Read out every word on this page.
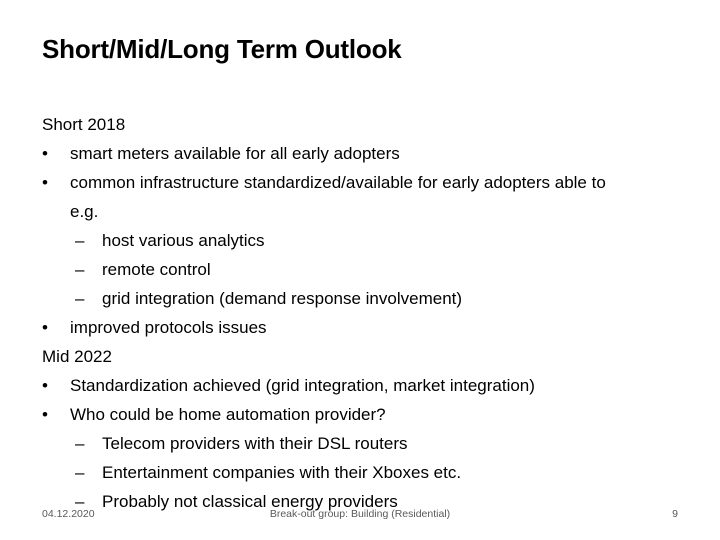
Short/Mid/Long Term Outlook
Short 2018
• smart meters available for all early adopters
• common infrastructure standardized/available for early adopters able to
e.g.
– host various analytics
– remote control
– grid integration (demand response involvement)
• improved protocols issues
Mid 2022
• Standardization achieved (grid integration, market integration)
• Who could be home automation provider?
– Telecom providers with their DSL routers
– Entertainment companies with their Xboxes etc.
– Probably not classical energy providers
04.12.2020	Break-out group: Building (Residential)	9
